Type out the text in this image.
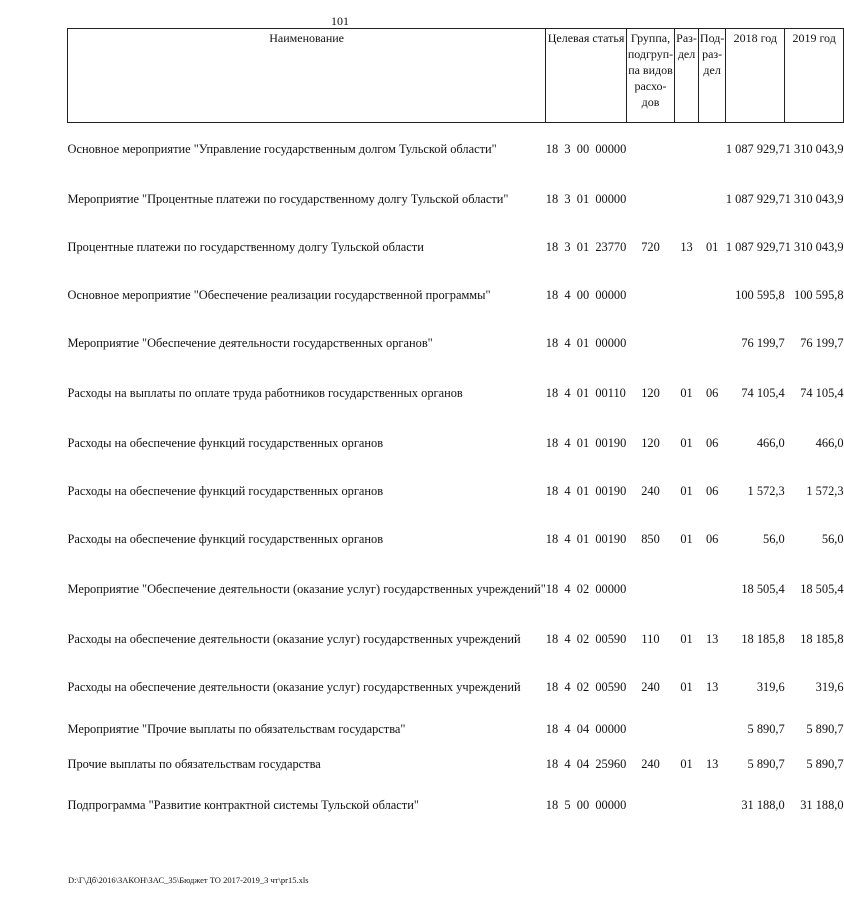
101
Наименование	Целевая статья	Группа, подгруп-па видов расхо-дов	Раз-дел	Под-раз-дел	2018 год	2019 год
Основное мероприятие "Управление государственным долгом Тульской области"	18  3  00  00000				1 087 929,7	1 310 043,9
Мероприятие "Процентные платежи по государственному долгу Тульской области"	18  3  01  00000				1 087 929,7	1 310 043,9
Процентные платежи по государственному долгу Тульской области	18  3  01  23770	720	13	01	1 087 929,7	1 310 043,9
Основное мероприятие "Обеспечение реализации государственной программы"	18  4  00  00000				100 595,8	100 595,8
Мероприятие "Обеспечение деятельности государственных органов"	18  4  01  00000				76 199,7	76 199,7
Расходы на выплаты по оплате труда работников государственных органов	18  4  01  00110	120	01	06	74 105,4	74 105,4
Расходы на обеспечение функций государственных органов	18  4  01  00190	120	01	06	466,0	466,0
Расходы на обеспечение функций государственных органов	18  4  01  00190	240	01	06	1 572,3	1 572,3
Расходы на обеспечение функций государственных органов	18  4  01  00190	850	01	06	56,0	56,0
Мероприятие "Обеспечение деятельности (оказание услуг) государственных учреждений"	18  4  02  00000				18 505,4	18 505,4
Расходы на обеспечение деятельности (оказание услуг) государственных учреждений	18  4  02  00590	110	01	13	18 185,8	18 185,8
Расходы на обеспечение деятельности (оказание услуг) государственных учреждений	18  4  02  00590	240	01	13	319,6	319,6
Мероприятие "Прочие выплаты по обязательствам государства"	18  4  04  00000				5 890,7	5 890,7
Прочие выплаты по обязательствам государства	18  4  04  25960	240	01	13	5 890,7	5 890,7
Подпрограмма "Развитие контрактной системы Тульской области"	18  5  00  00000				31 188,0	31 188,0
D:\Г\Дб\2016\ЗАКОН\ЗАС_35\Бюджет ТО 2017-2019_3 чт\pr15.xls
